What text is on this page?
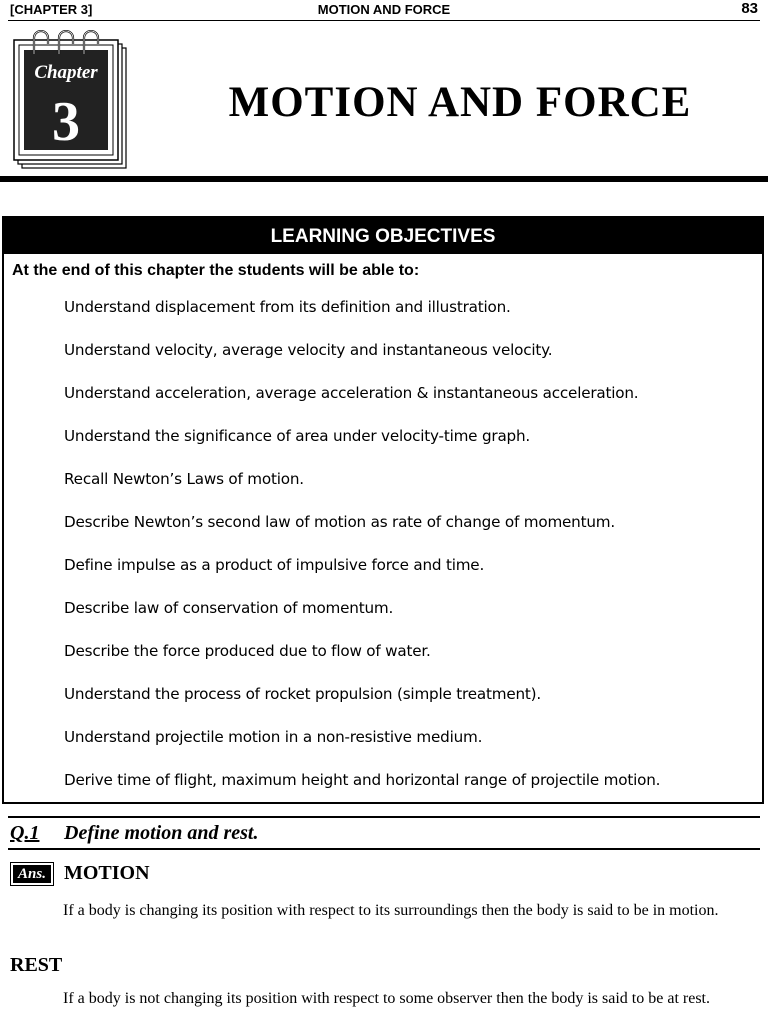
[CHAPTER 3]	MOTION AND FORCE	83
Chapter
3	MOTION AND FORCE
LEARNING OBJECTIVES
At the end of this chapter the students will be able to:
Understand displacement from its definition and illustration.
Understand velocity, average velocity and instantaneous velocity.
Understand acceleration, average acceleration & instantaneous acceleration.
Understand the significance of area under velocity-time graph.
Recall Newton’s Laws of motion.
Describe Newton’s second law of motion as rate of change of momentum.
Define impulse as a product of impulsive force and time.
Describe law of conservation of momentum.
Describe the force produced due to flow of water.
Understand the process of rocket propulsion (simple treatment).
Understand projectile motion in a non-resistive medium.
Derive time of flight, maximum height and horizontal range of projectile motion.
Q.1 Define motion and rest.
Ans. MOTION
If a body is changing its position with respect to its surroundings then the body is said to be in motion.
REST
If a body is not changing its position with respect to some observer then the body is said to be at rest.
